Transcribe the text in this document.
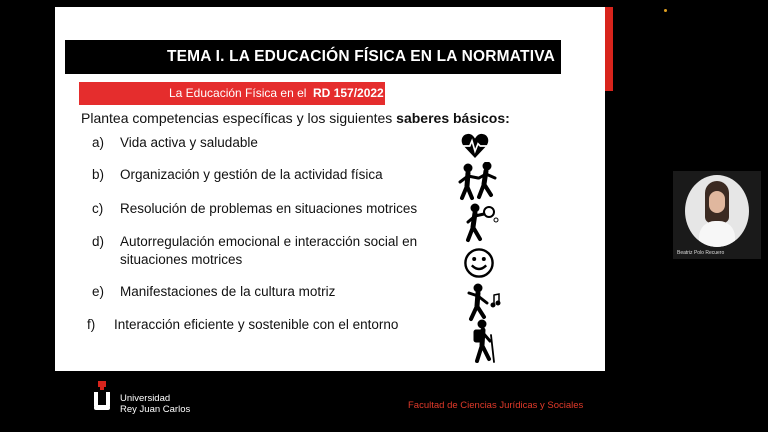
TEMA I. LA EDUCACIÓN FÍSICA EN LA NORMATIVA
La Educación Física en el RD 157/2022
Plantea competencias específicas y los siguientes saberes básicos:
a) Vida activa y saludable
b) Organización y gestión de la actividad física
c) Resolución de problemas en situaciones motrices
d) Autorregulación emocional e interacción social en
situaciones motrices
e) Manifestaciones de la cultura motriz
f) Interacción eficiente y sostenible con el entorno
Universidad
Rey Juan Carlos	Facultad de Ciencias Jurídicas y Sociales
Beatriz Polo Recuero
